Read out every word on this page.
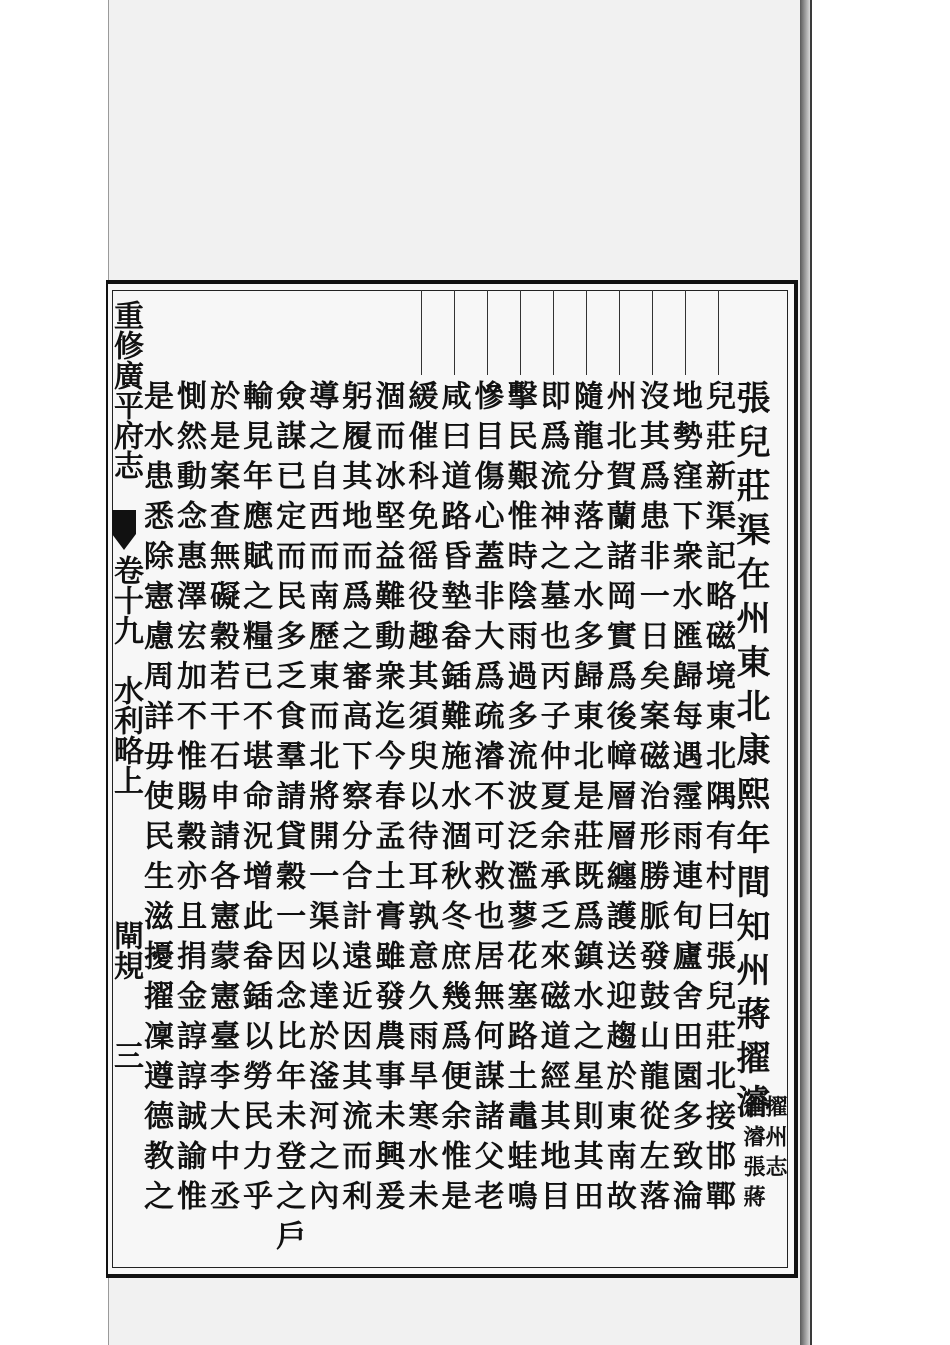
重修廣平府志
卷十九
水利略上
閘規
三	張兒莊渠在州東北康熙年間知州蔣擢濬
兒莊新渠記略磁境東北隅有村曰張兒莊北接邯鄲
地勢窪下衆水匯歸每遇霪雨連旬廬舍田園多致淪
沒其爲患非一日矣案磁治形勝脈發鼓山龍從左落
州北賀蘭諸岡實爲後幛層層纏護送迎趨於東南故
隨龍分落之水多歸東北是莊既爲鎮水之星則其田
即爲流神之墓也丙子仲夏余承乏來磁道經其地目
擊民艱惟時陰雨過多流波泛濫蓼花塞路土鼃蛙鳴
慘目傷心蓋非大爲疏濬不可救也居無何謀諸父老
咸曰道路昏墊畚鍤難施水涸秋冬庶幾爲便余惟是
緩催科免徭役趣其須臾以待耳孰意久雨旱寒水未
涸而冰堅益難動衆迄今春孟土膏雖發農事未興爰
躬履其地而爲之審高下察分合計遠近因其流而利
導之自西而南歷東而北將開一渠以達於滏河之內	擢州志
創濬張蔣
僉謀已定而民多乏食羣請貸穀一因念比年未登之戶
輸見年應賦之糧已不堪命況增此畚鍤以勞民力乎
於是案查無礙穀若干石申請各憲蒙憲臺李大中丞
惻然動念惠澤宏加不惟賜穀亦且捐金諄諄誠諭惟
是水患悉除憲慮周詳毋使民生滋擾擢凜遵德教之
